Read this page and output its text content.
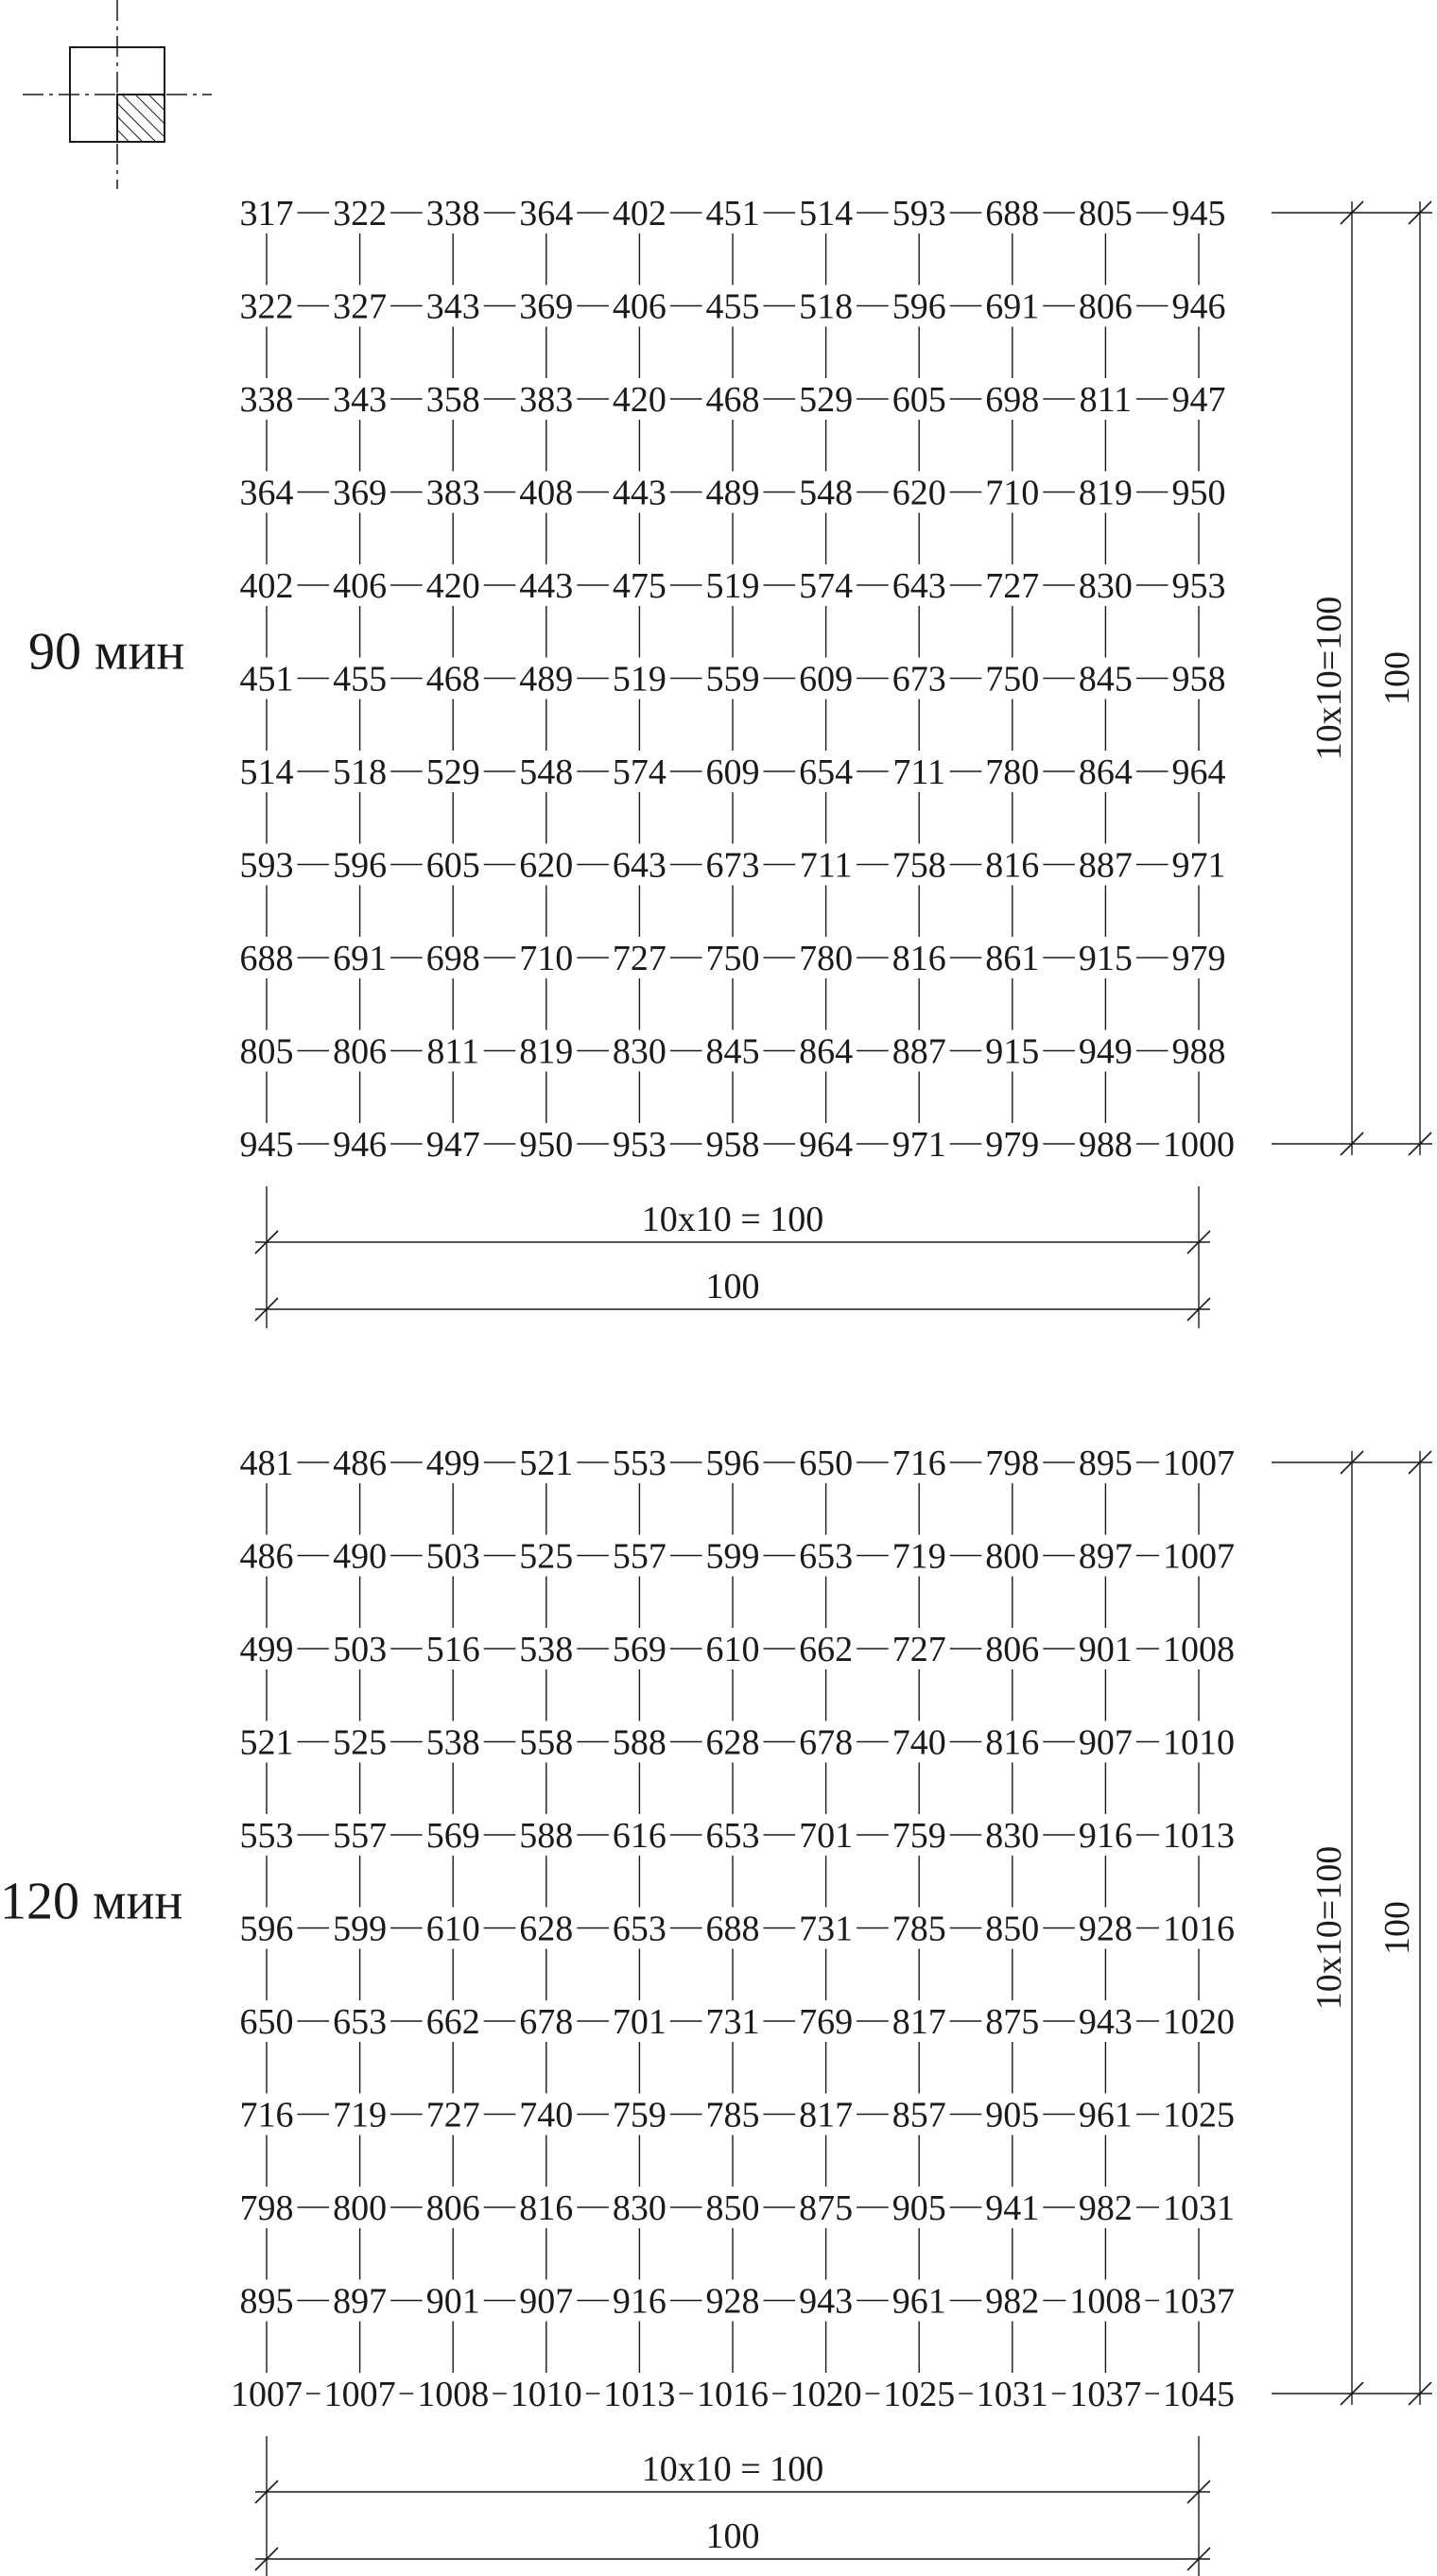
317 322 338 364 402 451 514 593 688 805 945
322 327 343 369 406 455 518 596 691 806 946
338 343 358 383 420 468 529 605 698 811 947
364 369 383 408 443 489 548 620 710 819 950
402 406 420 443 475 519 574 643 727 830 953
451 455 468 489 519 559 609 673 750 845 958
514 518 529 548 574 609 654 711 780 864 964
593 596 605 620 643 673 711 758 816 887 971
688 691 698 710 727 750 780 816 861 915 979
805 806 811 819 830 845 864 887 915 949 988
945 946 947 950 953 958 964 971 979 988 1000
90 мин
10x10 = 100
100
10x10=100 100
481 486 499 521 553 596 650 716 798 895 1007
486 490 503 525 557 599 653 719 800 897 1007
499 503 516 538 569 610 662 727 806 901 1008
521 525 538 558 588 628 678 740 816 907 1010
553 557 569 588 616 653 701 759 830 916 1013
596 599 610 628 653 688 731 785 850 928 1016
650 653 662 678 701 731 769 817 875 943 1020
716 719 727 740 759 785 817 857 905 961 1025
798 800 806 816 830 850 875 905 941 982 1031
895 897 901 907 916 928 943 961 982 1008 1037
1007 1007 1008 1010 1013 1016 1020 1025 1031 1037 1045
120 мин
10x10 = 100
100
10x10=100 100
